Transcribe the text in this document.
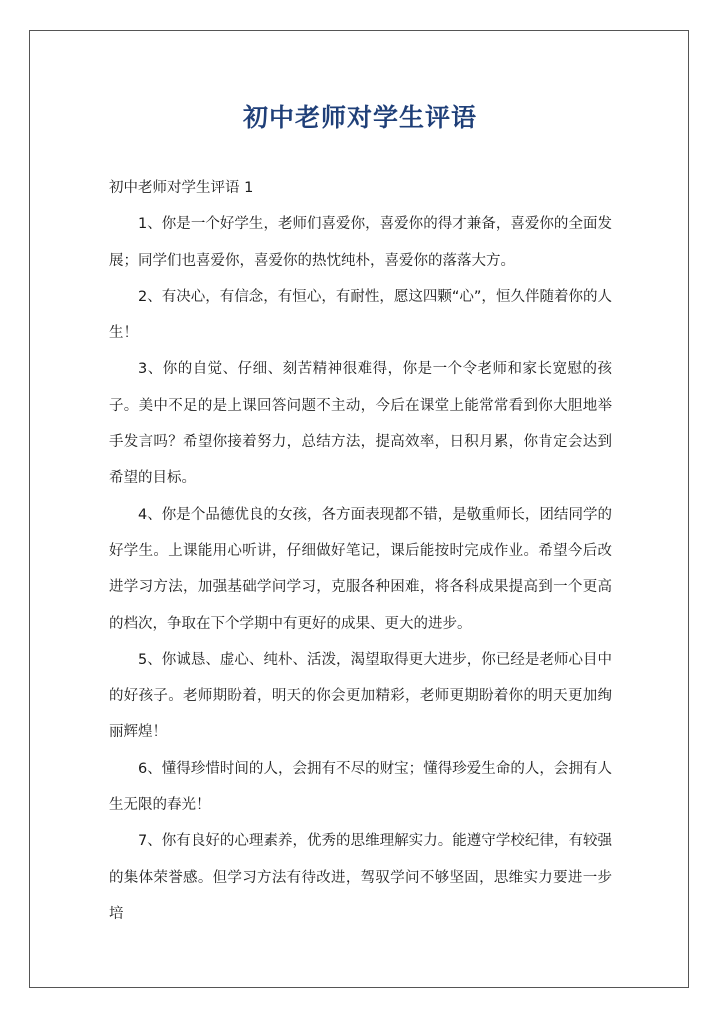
初中老师对学生评语

初中老师对学生评语 1

1、你是一个好学生，老师们喜爱你，喜爱你的得才兼备，喜爱你的全面发展；同学们也喜爱你，喜爱你的热忱纯朴，喜爱你的落落大方。

2、有决心，有信念，有恒心，有耐性，愿这四颗“心”，恒久伴随着你的人生！

3、你的自觉、仔细、刻苦精神很难得，你是一个令老师和家长宽慰的孩子。美中不足的是上课回答问题不主动，今后在课堂上能常常看到你大胆地举手发言吗？希望你接着努力，总结方法，提高效率，日积月累，你肯定会达到希望的目标。

4、你是个品德优良的女孩，各方面表现都不错，是敬重师长，团结同学的好学生。上课能用心听讲，仔细做好笔记，课后能按时完成作业。希望今后改进学习方法，加强基础学问学习，克服各种困难，将各科成果提高到一个更高的档次，争取在下个学期中有更好的成果、更大的进步。

5、你诚恳、虚心、纯朴、活泼，渴望取得更大进步，你已经是老师心目中的好孩子。老师期盼着，明天的你会更加精彩，老师更期盼着你的明天更加绚丽辉煌！

6、懂得珍惜时间的人，会拥有不尽的财宝；懂得珍爱生命的人，会拥有人生无限的春光！

7、你有良好的心理素养，优秀的思维理解实力。能遵守学校纪律，有较强的集体荣誉感。但学习方法有待改进，驾驭学问不够坚固，思维实力要进一步培
